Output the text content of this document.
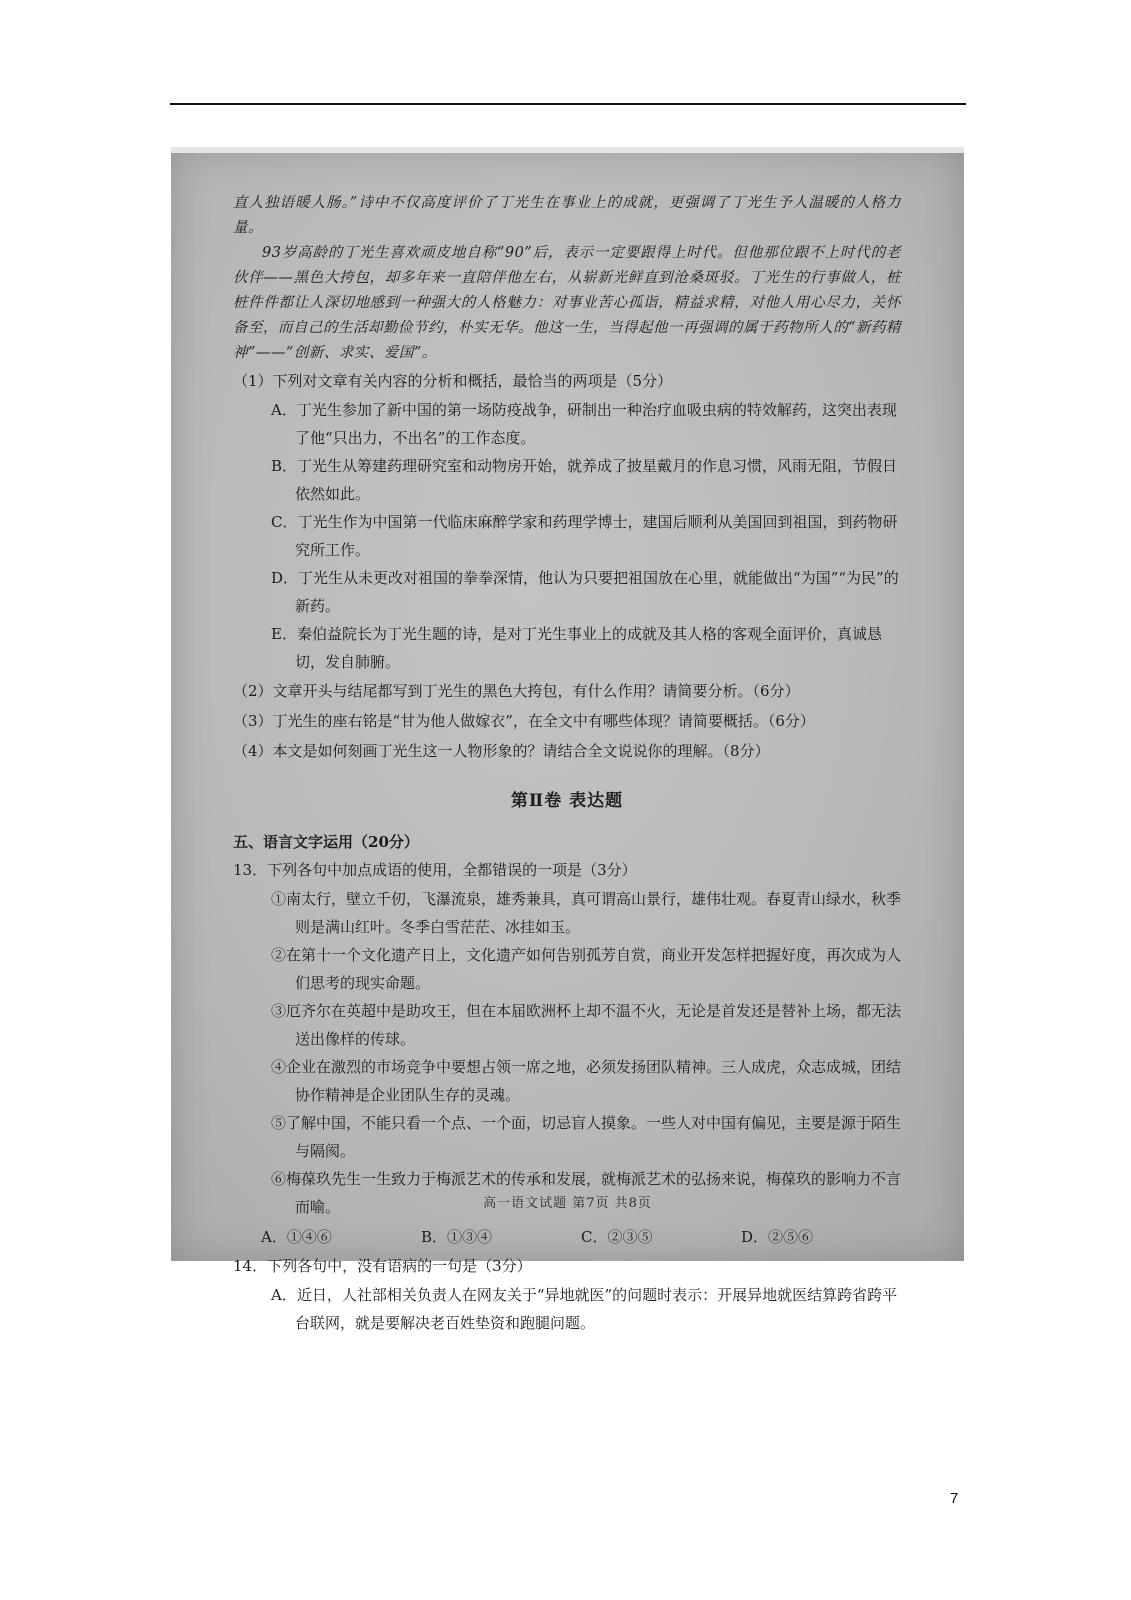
直人独语暖人肠。”诗中不仅高度评价了丁光生在事业上的成就，更强调了丁光生予人温暖的人格力量。

93岁高龄的丁光生喜欢顽皮地自称“90”后，表示一定要跟得上时代。但他那位跟不上时代的老伙伴——黑色大挎包，却多年来一直陪伴他左右，从崭新光鲜直到沧桑斑驳。丁光生的行事做人，桩桩件件都让人深切地感到一种强大的人格魅力：对事业苦心孤诣，精益求精，对他人用心尽力，关怀备至，而自己的生活却勤俭节约，朴实无华。他这一生，当得起他一再强调的属于药物所人的“新药精神”——“创新、求实、爱国”。

（1）下列对文章有关内容的分析和概括，最恰当的两项是（5分）

A．丁光生参加了新中国的第一场防疫战争，研制出一种治疗血吸虫病的特效解药，这突出表现了他“只出力，不出名”的工作态度。

B．丁光生从筹建药理研究室和动物房开始，就养成了披星戴月的作息习惯，风雨无阻，节假日依然如此。

C．丁光生作为中国第一代临床麻醉学家和药理学博士，建国后顺利从美国回到祖国，到药物研究所工作。

D．丁光生从未更改对祖国的拳拳深情，他认为只要把祖国放在心里，就能做出“为国”“为民”的新药。

E．秦伯益院长为丁光生题的诗，是对丁光生事业上的成就及其人格的客观全面评价，真诚恳切，发自肺腑。

（2）文章开头与结尾都写到丁光生的黑色大挎包，有什么作用？请简要分析。（6分）

（3）丁光生的座右铭是“甘为他人做嫁衣”，在全文中有哪些体现？请简要概括。（6分）

（4）本文是如何刻画丁光生这一人物形象的？请结合全文说说你的理解。（8分）

第Ⅱ卷 表达题

五、语言文字运用（20分）

13．下列各句中加点成语的使用，全都错误的一项是（3分）

①南太行，壁立千仞，飞瀑流泉，雄秀兼具，真可谓高山景行，雄伟壮观。春夏青山绿水，秋季则是满山红叶。冬季白雪茫茫、冰挂如玉。

②在第十一个文化遗产日上，文化遗产如何告别孤芳自赏，商业开发怎样把握好度，再次成为人们思考的现实命题。

③厄齐尔在英超中是助攻王，但在本届欧洲杯上却不温不火，无论是首发还是替补上场，都无法送出像样的传球。

④企业在激烈的市场竞争中要想占领一席之地，必须发扬团队精神。三人成虎，众志成城，团结协作精神是企业团队生存的灵魂。

⑤了解中国，不能只看一个点、一个面，切忌盲人摸象。一些人对中国有偏见，主要是源于陌生与隔阂。

⑥梅葆玖先生一生致力于梅派艺术的传承和发展，就梅派艺术的弘扬来说，梅葆玖的影响力不言而喻。

A．①④⑥	B．①③④	C．②③⑤	D．②⑤⑥

14．下列各句中，没有语病的一句是（3分）

A．近日，人社部相关负责人在网友关于“异地就医”的问题时表示：开展异地就医结算跨省跨平台联网，就是要解决老百姓垫资和跑腿问题。

高一语文试题 第7页 共8页
7
